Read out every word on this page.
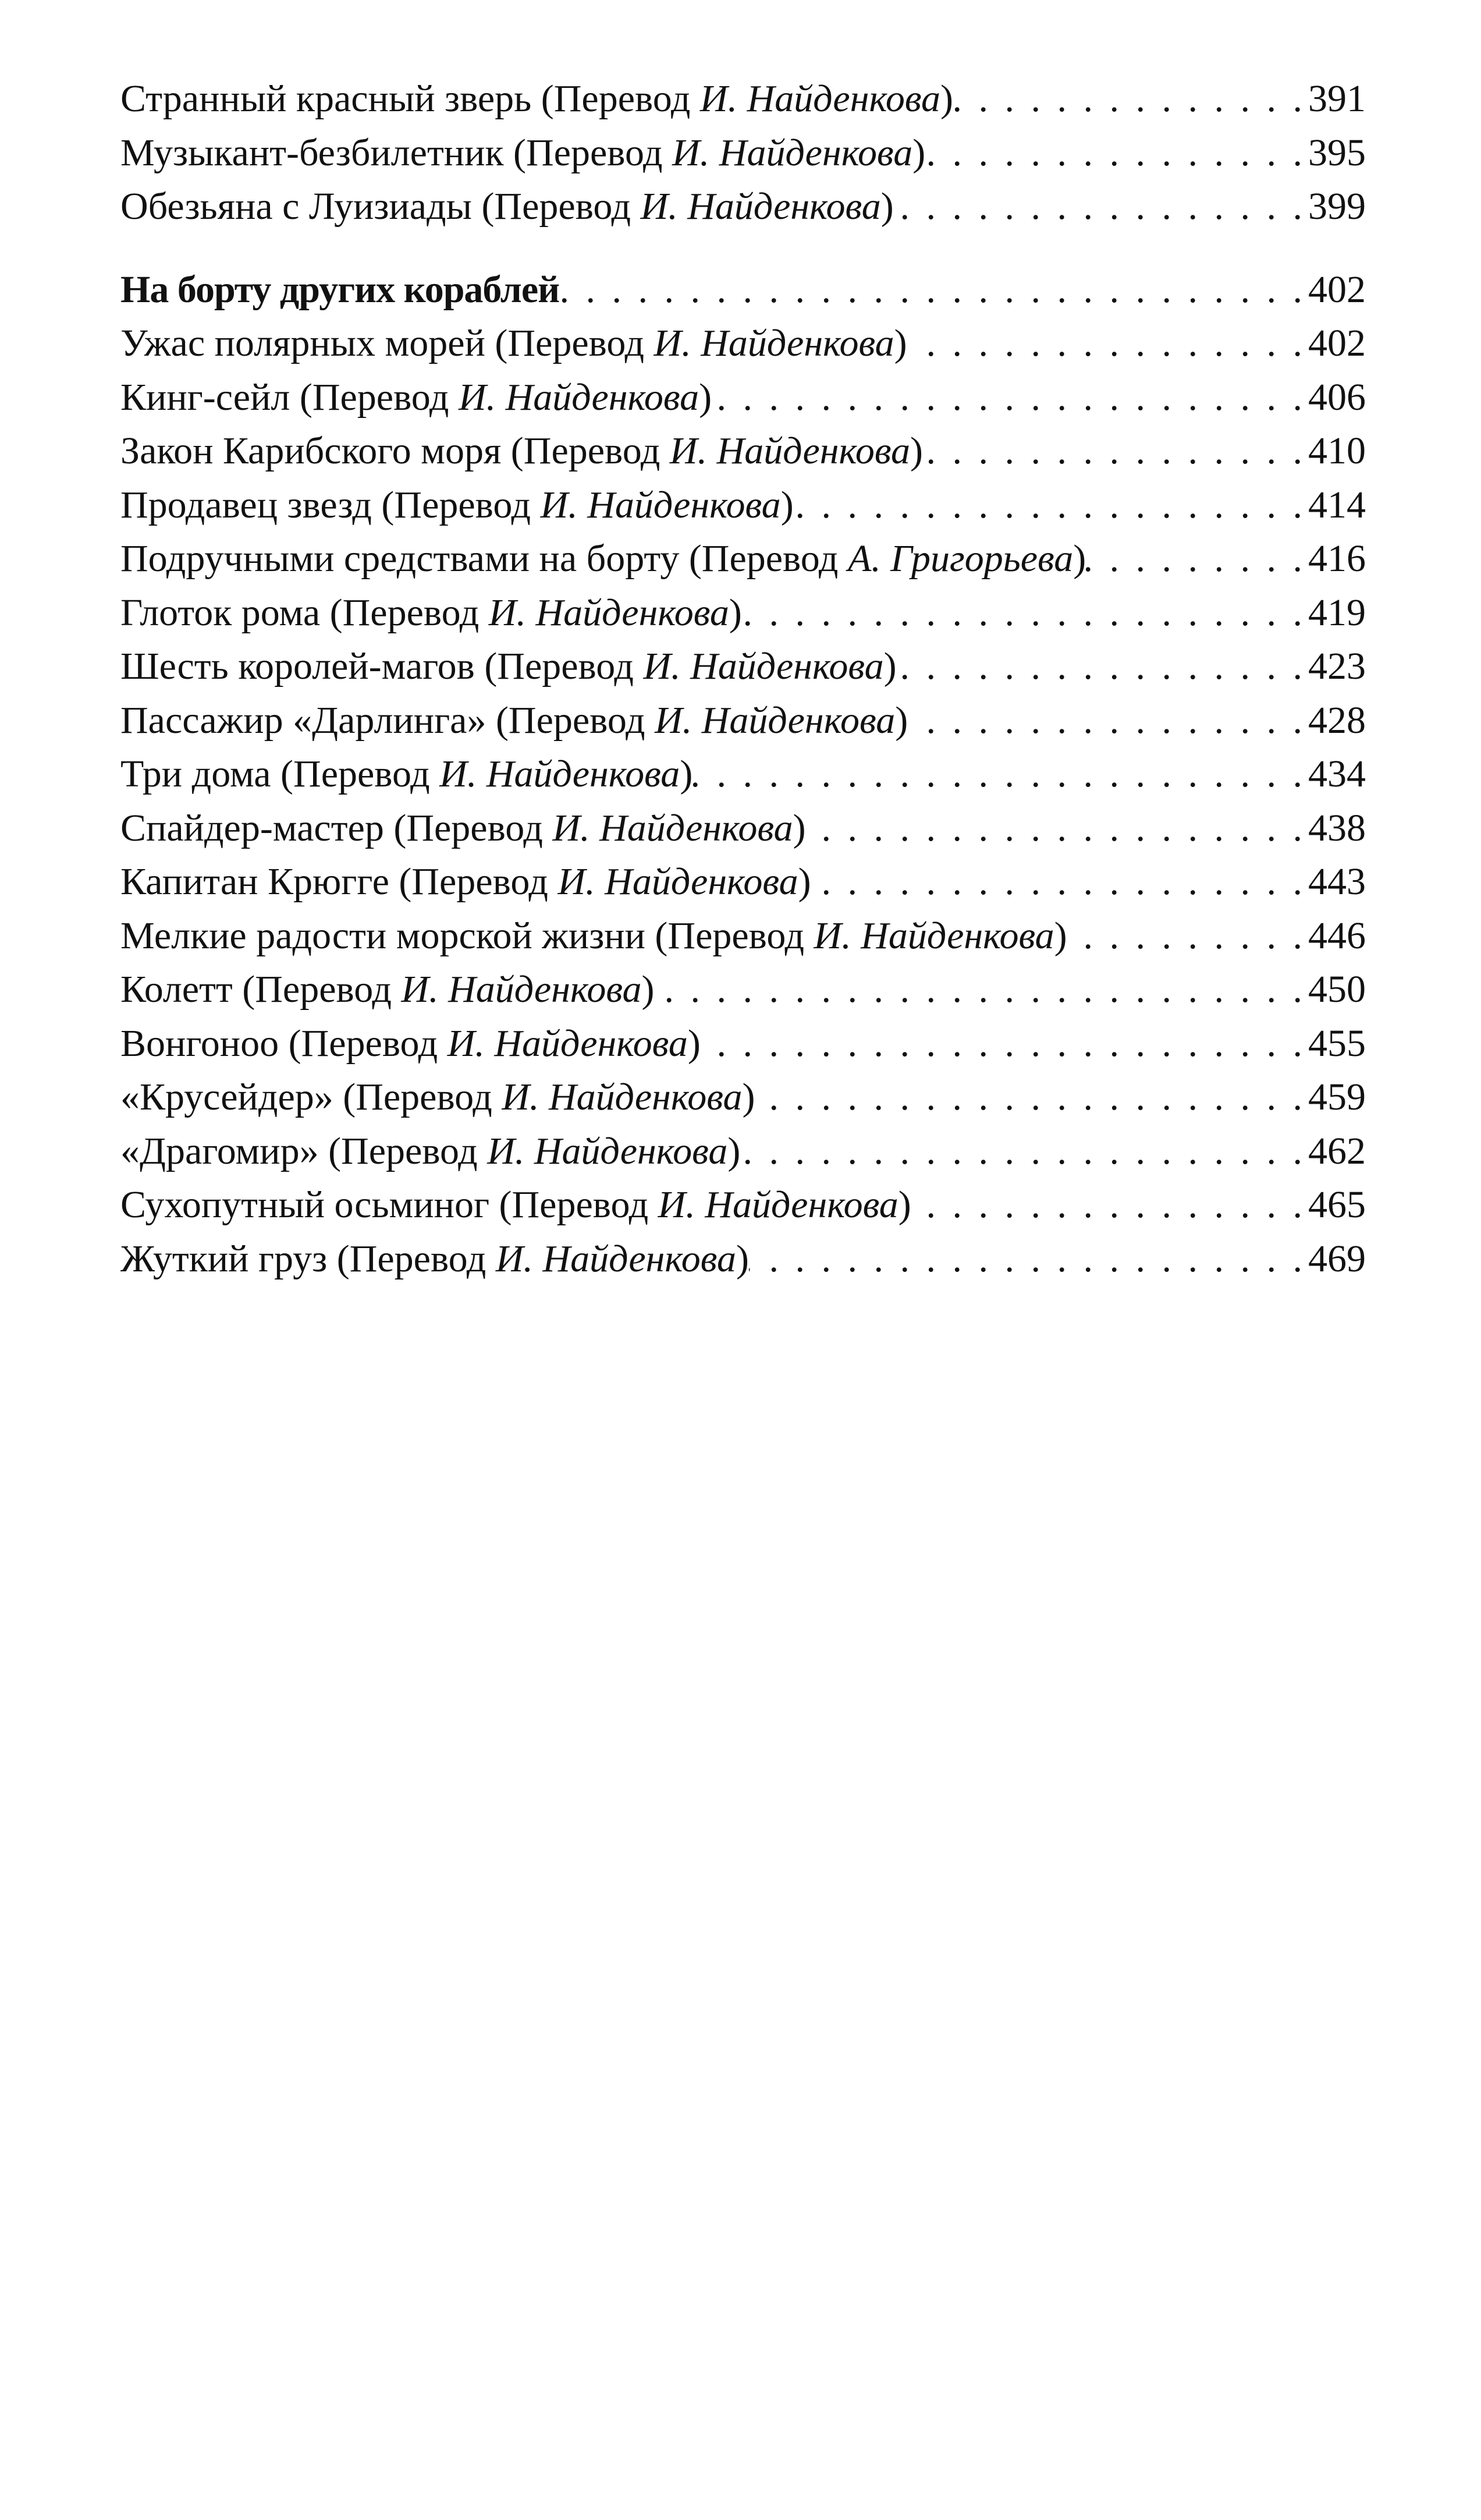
Странный красный зверь (Перевод И. Найденкова) . . .	391
Музыкант-безбилетник (Перевод И. Найденкова) . . .	395
Обезьяна с Луизиады (Перевод И. Найденкова) . . .	399
На борту других кораблей . . .	402
Ужас полярных морей (Перевод И. Найденкова) . . .	402
Кинг-сейл (Перевод И. Найденкова) . . .	406
Закон Карибского моря (Перевод И. Найденкова) . . .	410
Продавец звезд (Перевод И. Найденкова) . . .	414
Подручными средствами на борту (Перевод А. Григорьева) . . .	416
Глоток рома (Перевод И. Найденкова) . . .	419
Шесть королей-магов (Перевод И. Найденкова) . . .	423
Пассажир «Дарлинга» (Перевод И. Найденкова) . . .	428
Три дома (Перевод И. Найденкова) . . .	434
Спайдер-мастер (Перевод И. Найденкова) . . .	438
Капитан Крюгге (Перевод И. Найденкова) . . .	443
Мелкие радости морской жизни (Перевод И. Найденкова) . . .	446
Колетт (Перевод И. Найденкова) . . .	450
Вонгоноо (Перевод И. Найденкова) . . .	455
«Крусейдер» (Перевод И. Найденкова) . . .	459
«Драгомир» (Перевод И. Найденкова) . . .	462
Сухопутный осьминог (Перевод И. Найденкова) . . .	465
Жуткий груз (Перевод И. Найденкова) . . .	469
